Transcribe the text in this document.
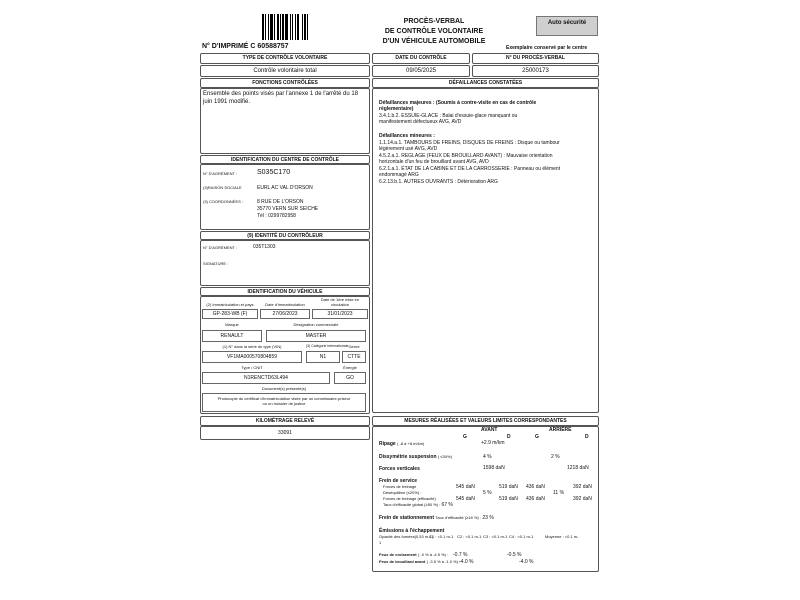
N° D'IMPRIMÉ C 60588757
PROCÈS-VERBAL
DE CONTRÔLE VOLONTAIRE
D'UN VÉHICULE AUTOMOBILE
Auto sécurité
Exemplaire conservé par le centre
TYPE DE CONTRÔLE VOLONTAIRE
Contrôle volontaire total
DATE DU CONTRÔLE
09/05/2025
N° DU PROCÈS-VERBAL
25000173
FONCTIONS CONTRÔLÉES
Ensemble des points visés par l'annexe 1 de l'arrêté du 18 juin 1991 modifié.
DÉFAILLANCES CONSTATÉES
Défaillances majeures : (Soumis à contre-visite en cas de contrôle réglementaire)
3.4.1.b.2. ESSUIE-GLACE : Balai d'essuie-glace manquant ou manifestement défectueux AVG, AVD
Défaillances mineures :
1.1.14.a.1. TAMBOURS DE FREINS, DISQUES DE FREINS : Disque ou tambour légèrement usé AVG, AVD
4.5.2.a.1. REGLAGE (FEUX DE BROUILLARD AVANT) : Mauvaise orientation horizontale d'un feu de brouillard avant AVG, AVD
6.2.1.a.1. ÉTAT DE LA CABINE ET DE LA CARROSSERIE : Panneau ou élément endommagé ARG
6.2.13.b.1. AUTRES OUVRANTS : Détérioration ARG
IDENTIFICATION DU CENTRE DE CONTRÔLE
N° D'AGRÉMENT :	S035C170
(3)RAISON SOCIALE	EURL AC VAL D'ORSON
(3) COORDONNÉES :	8 RUE DE L'ORSON
35770 VERN SUR SEICHE
Tél : 0299782958
(9) IDENTITÉ DU CONTRÔLEUR
N° D'AGRÉMENT :	035T1303
SIGNATURE :
IDENTIFICATION DU VÉHICULE
(2) Immatriculation et pays	Date d'immatriculation
Date de 1ère mise en circulation
GP-283-WB (F)	27/06/2023	31/01/2023
Marque	Désignation commerciale
RENAULT	MASTER
(1) N° dans la série du type (VIN)	(3) Catégorie internationale Genre
VF1MA000570804859	N1	CTTE
Type / CNIT	Énergie
N1RENCTD63L494	GO
Document(s) présenté(s)
Photocopie du certificat d'immatriculation visée par un commissaire-priseur ou un huissier de justice
KILOMÉTRAGE RELEVÉ
33091
MESURES RÉALISÉES ET VALEURS LIMITES CORRESPONDANTES
AVANT	ARRIÈRE
G	D	G	D
Ripage ( -8 à +8 m/km)	+2.9 m/km
Dissymétrie suspension ( ≤30%)	4 %	2 %
Forces verticales	1598 daN	1218 daN
Frein de service
Forces de freinage	545 daN	519 daN 436 daN	392 daN
Déséquilibre (≤20%) :	5 %	11 %
Forces de freinage (efficacité)	545 daN	519 daN 436 daN	392 daN
Taux d'efficacité global (≥50 %) : 67 %
Frein de stationnement Taux d'efficacité (≥18 %) : 23 %
Émissions à l'échappement
Opacité des fumées(0,53 m-1)
C1 : <0.1 m-1 C2 : <0.1 m-1 C3 : <0.1 m-1 C4 : <0.1 m-1	Moyenne : <0.1 m-
1
Feux de croisement ( -0 % à -4.5 %) : -0.7 %	-0.5 %
Feux de brouillard avant ( -3.5 % à -1.0 %) :
-4.0 %	-4.0 %
